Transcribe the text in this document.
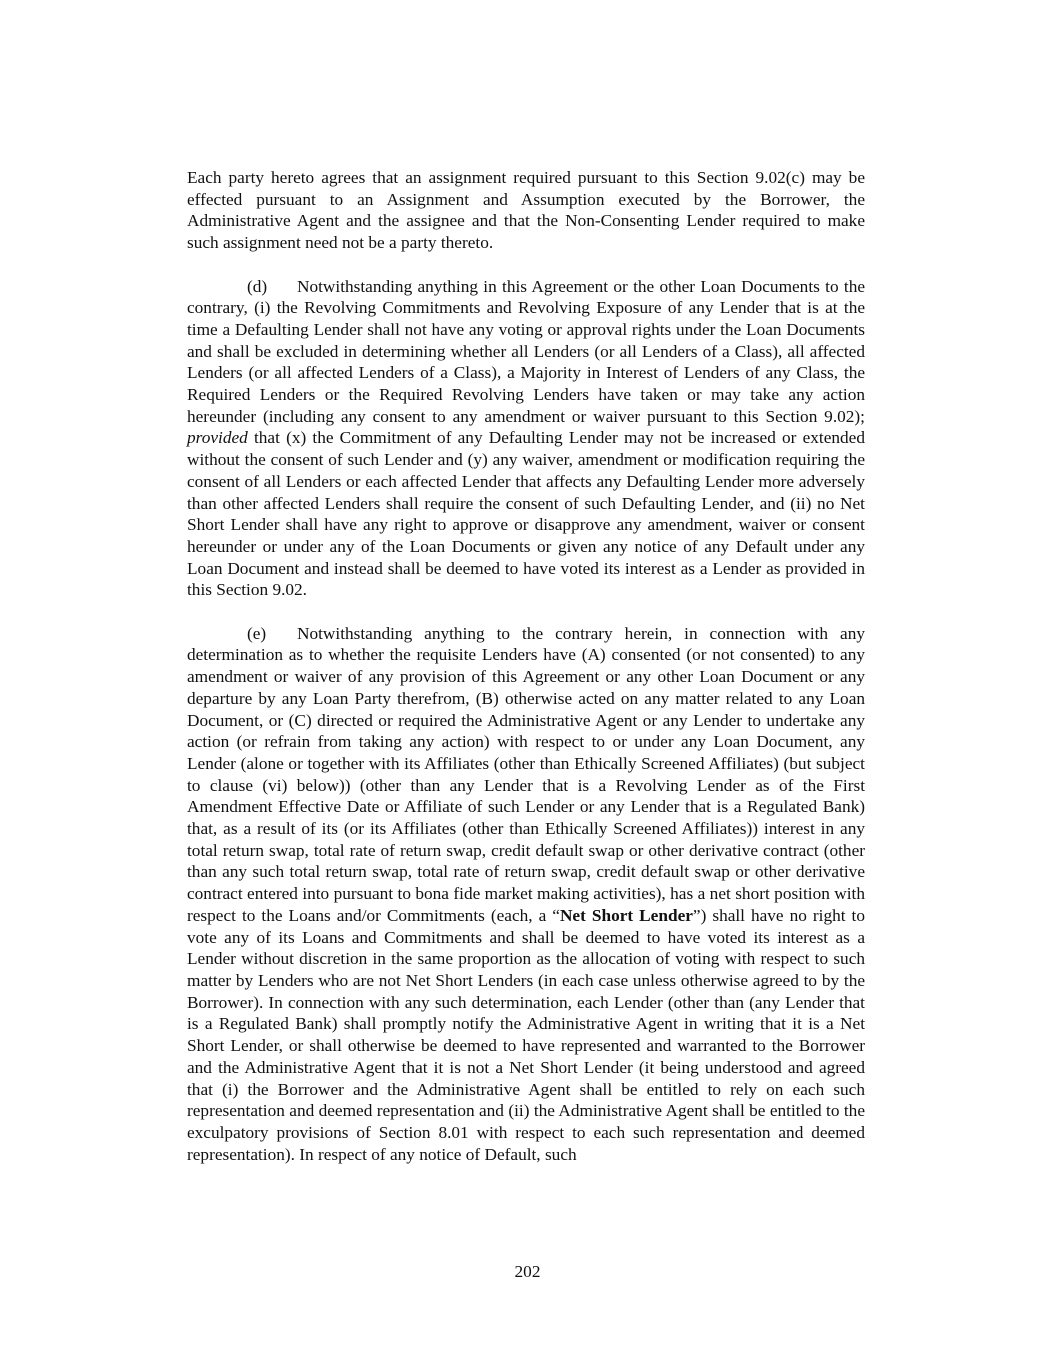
Each party hereto agrees that an assignment required pursuant to this Section 9.02(c) may be effected pursuant to an Assignment and Assumption executed by the Borrower, the Administrative Agent and the assignee and that the Non-Consenting Lender required to make such assignment need not be a party thereto.

(d) Notwithstanding anything in this Agreement or the other Loan Documents to the contrary, (i) the Revolving Commitments and Revolving Exposure of any Lender that is at the time a Defaulting Lender shall not have any voting or approval rights under the Loan Documents and shall be excluded in determining whether all Lenders (or all Lenders of a Class), all affected Lenders (or all affected Lenders of a Class), a Majority in Interest of Lenders of any Class, the Required Lenders or the Required Revolving Lenders have taken or may take any action hereunder (including any consent to any amendment or waiver pursuant to this Section 9.02); provided that (x) the Commitment of any Defaulting Lender may not be increased or extended without the consent of such Lender and (y) any waiver, amendment or modification requiring the consent of all Lenders or each affected Lender that affects any Defaulting Lender more adversely than other affected Lenders shall require the consent of such Defaulting Lender, and (ii) no Net Short Lender shall have any right to approve or disapprove any amendment, waiver or consent hereunder or under any of the Loan Documents or given any notice of any Default under any Loan Document and instead shall be deemed to have voted its interest as a Lender as provided in this Section 9.02.

(e) Notwithstanding anything to the contrary herein, in connection with any determination as to whether the requisite Lenders have (A) consented (or not consented) to any amendment or waiver of any provision of this Agreement or any other Loan Document or any departure by any Loan Party therefrom, (B) otherwise acted on any matter related to any Loan Document, or (C) directed or required the Administrative Agent or any Lender to undertake any action (or refrain from taking any action) with respect to or under any Loan Document, any Lender (alone or together with its Affiliates (other than Ethically Screened Affiliates) (but subject to clause (vi) below)) (other than any Lender that is a Revolving Lender as of the First Amendment Effective Date or Affiliate of such Lender or any Lender that is a Regulated Bank) that, as a result of its (or its Affiliates (other than Ethically Screened Affiliates)) interest in any total return swap, total rate of return swap, credit default swap or other derivative contract (other than any such total return swap, total rate of return swap, credit default swap or other derivative contract entered into pursuant to bona fide market making activities), has a net short position with respect to the Loans and/or Commitments (each, a “Net Short Lender”) shall have no right to vote any of its Loans and Commitments and shall be deemed to have voted its interest as a Lender without discretion in the same proportion as the allocation of voting with respect to such matter by Lenders who are not Net Short Lenders (in each case unless otherwise agreed to by the Borrower). In connection with any such determination, each Lender (other than (any Lender that is a Regulated Bank) shall promptly notify the Administrative Agent in writing that it is a Net Short Lender, or shall otherwise be deemed to have represented and warranted to the Borrower and the Administrative Agent that it is not a Net Short Lender (it being understood and agreed that (i) the Borrower and the Administrative Agent shall be entitled to rely on each such representation and deemed representation and (ii) the Administrative Agent shall be entitled to the exculpatory provisions of Section 8.01 with respect to each such representation and deemed representation). In respect of any notice of Default, such

202
